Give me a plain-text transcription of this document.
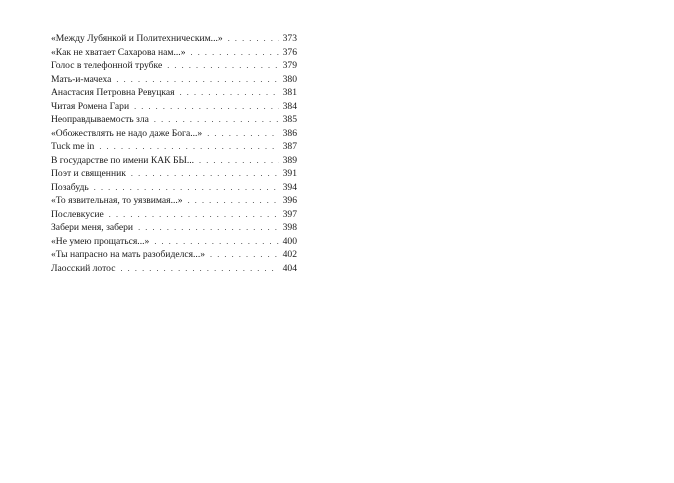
«Между Лубянкой и Политехническим...» . . .	373
«Как не хватает Сахарова нам...» . . .	376
Голос в телефонной трубке . . .	379
Мать-и-мачеха . . .	380
Анастасия Петровна Ревуцкая . . .	381
Читая Ромена Гари . . .	384
Неоправдываемость зла . . .	385
«Обожествлять не надо даже Бога...» . . .	386
Tuck me in . . .	387
В государстве по имени КАК БЫ... . . .	389
Поэт и священник . . .	391
Позабудь . . .	394
«То язвительная, то уязвимая...» . . .	396
Послевкусие . . .	397
Забери меня, забери . . .	398
«Не умею прощаться...» . . .	400
«Ты напрасно на мать разобиделся...» . . .	402
Лаосский лотос . . .	404
